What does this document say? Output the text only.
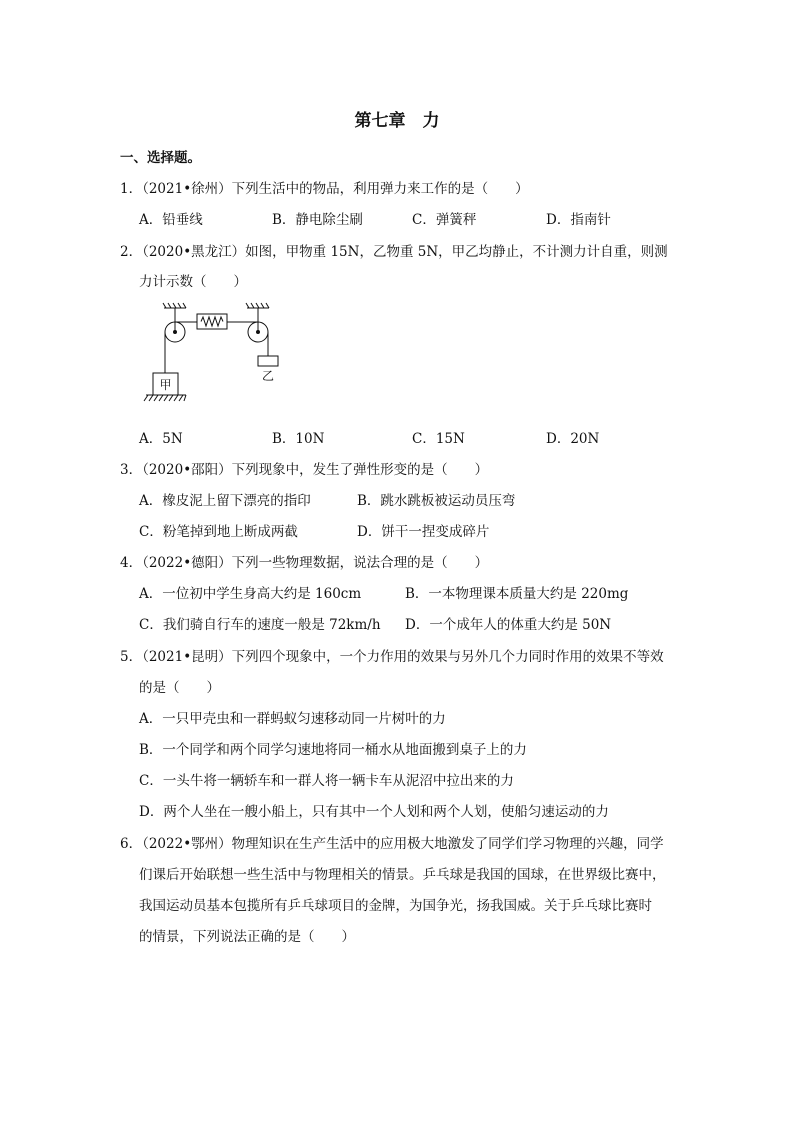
第七章　力
一、选择题。
1．（2021•徐州）下列生活中的物品，利用弹力来工作的是（　　）
A．铅垂线	B．静电除尘刷	C．弹簧秤	D．指南针
2．（2020•黑龙江）如图，甲物重 15N，乙物重 5N，甲乙均静止，不计测力计自重，则测
力计示数（　　）
甲
乙
A．5N	B．10N	C．15N	D．20N
3．（2020•邵阳）下列现象中，发生了弹性形变的是（　　）
A．橡皮泥上留下漂亮的指印	B．跳水跳板被运动员压弯
C．粉笔掉到地上断成两截	D．饼干一捏变成碎片
4．（2022•德阳）下列一些物理数据，说法合理的是（　　）
A．一位初中学生身高大约是 160cm	B．一本物理课本质量大约是 220mg
C．我们骑自行车的速度一般是 72km/h D．一个成年人的体重大约是 50N
5．（2021•昆明）下列四个现象中，一个力作用的效果与另外几个力同时作用的效果不等效
的是（　　）
A．一只甲壳虫和一群蚂蚁匀速移动同一片树叶的力
B．一个同学和两个同学匀速地将同一桶水从地面搬到桌子上的力
C．一头牛将一辆轿车和一群人将一辆卡车从泥沼中拉出来的力
D．两个人坐在一艘小船上，只有其中一个人划和两个人划，使船匀速运动的力
6．（2022•鄂州）物理知识在生产生活中的应用极大地激发了同学们学习物理的兴趣，同学
们课后开始联想一些生活中与物理相关的情景。乒乓球是我国的国球，在世界级比赛中，
我国运动员基本包揽所有乒乓球项目的金牌，为国争光，扬我国威。关于乒乓球比赛时
的情景，下列说法正确的是（　　）
